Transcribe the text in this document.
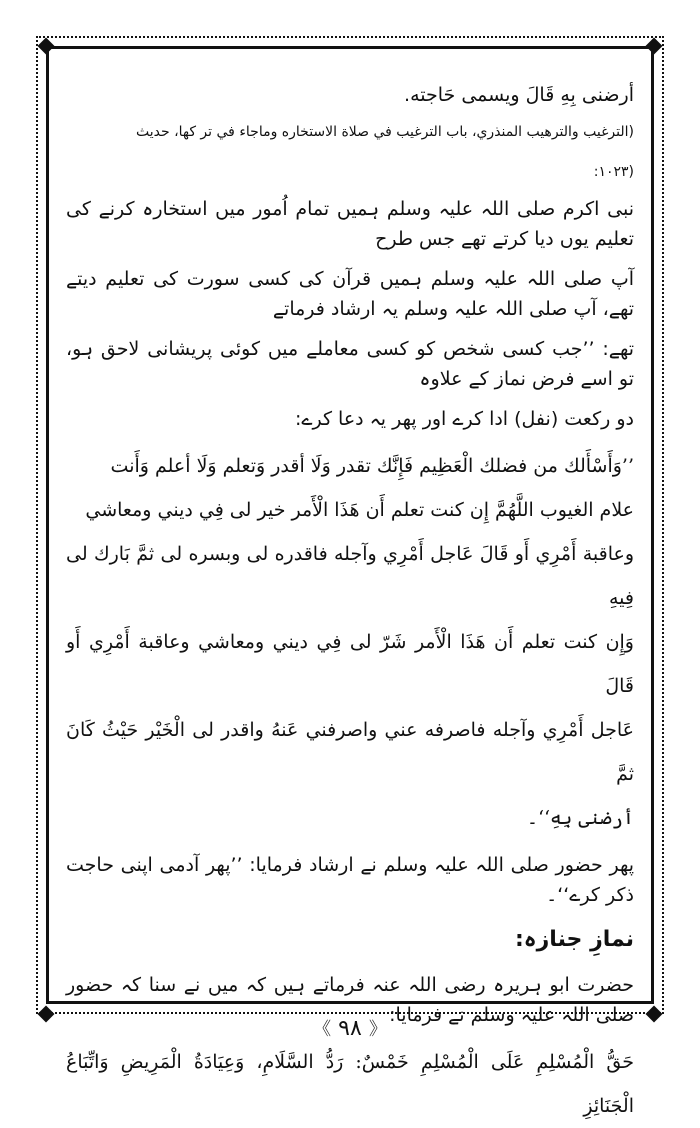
أرضنى بِهِ قَالَ ويسمى حَاجته.

(الترغيب والترهيب المنذري، باب الترغيب في صلاة الاستخاره وماجاء في تر كها، حديث

(١٠٢٣:

نبی اکرم صلی اللہ علیہ وسلم ہمیں تمام اُمور میں استخارہ کرنے کی تعلیم یوں دیا کرتے تھے جس طرح

آپ صلی اللہ علیہ وسلم ہمیں قرآن کی کسی سورت کی تعلیم دیتے تھے، آپ صلی اللہ علیہ وسلم یہ ارشاد فرماتے

تھے: ’’جب کسی شخص کو کسی معاملے میں کوئی پریشانی لاحق ہو، تو اسے فرض نماز کے علاوہ

دو رکعت (نفل) ادا کرے اور پھر یہ دعا کرے:

’’وَأَسْأَلك من فضلك الْعَظِيم فَإِنَّك تقدر وَلَا أقدر وَتعلم وَلَا أعلم وَأَنت

علام الغيوب اللَّهُمَّ إِن كنت تعلم أَن هَذَا الْأَمر خير لى فِي ديني ومعاشي

وعاقبة أَمْرِي أَو قَالَ عَاجل أَمْرِي وآجله فاقدره لى وبسره لى ثمَّ بَارك لى فِيهِ

وَإِن كنت تعلم أَن هَذَا الْأَمر شَرّ لى فِي ديني ومعاشي وعاقبة أَمْرِي أَو قَالَ

عَاجل أَمْرِي وآجله فاصرفه عني واصرفني عَنهُ واقدر لى الْخَيْر حَيْثُ كَانَ ثمَّ

أرضنى بِهِ‘‘۔

پھر حضور صلی اللہ علیہ وسلم نے ارشاد فرمایا: ’’پھر آدمی اپنی حاجت ذکر کرے‘‘۔

نمازِ جنازہ:

حضرت ابو ہریرہ رضی اللہ عنہ فرماتے ہیں کہ میں نے سنا کہ حضور صلی اللہ علیہ وسلم نے فرمایا:

حَقُّ الْمُسْلِمِ عَلَى الْمُسْلِمِ خَمْسٌ: رَدُّ السَّلَامِ، وَعِيَادَةُ الْمَرِيضِ وَاتِّبَاعُ الْجَنَائِزِ

《 ٩٨ 》
